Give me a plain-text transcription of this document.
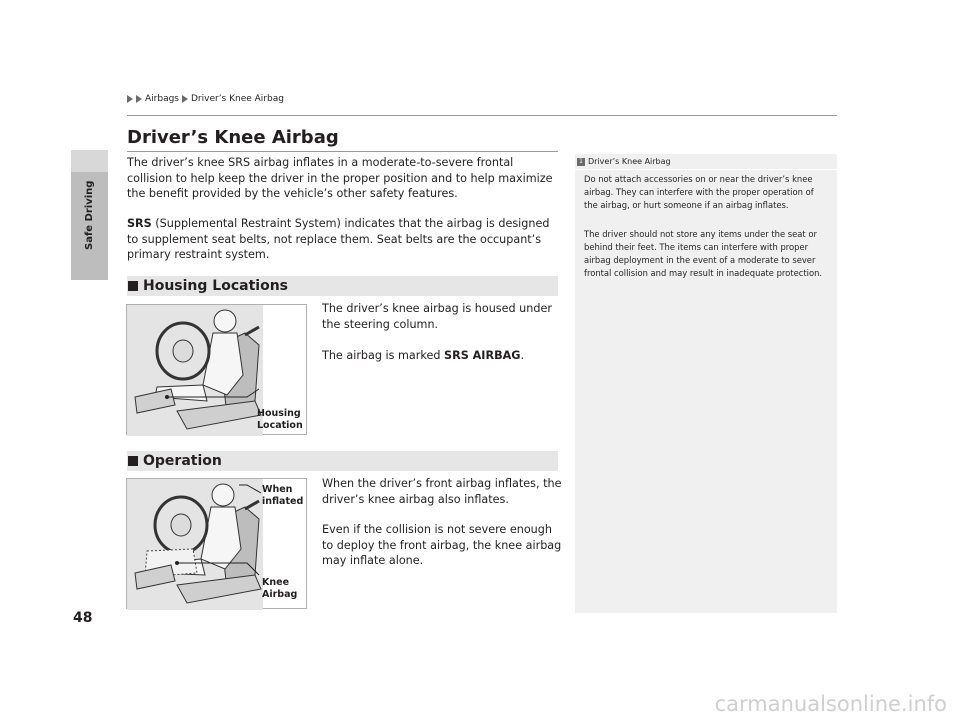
Safe Driving
48
Airbags Driver’s Knee Airbag
Driver’s Knee Airbag

The driver’s knee SRS airbag inflates in a moderate-to-severe frontal collision to help keep the driver in the proper position and to help maximize the benefit provided by the vehicle’s other safety features.

SRS (Supplemental Restraint System) indicates that the airbag is designed to supplement seat belts, not replace them. Seat belts are the occupant’s primary restraint system.

Housing Locations
Housing
Location

The driver’s knee airbag is housed under the steering column.

The airbag is marked SRS AIRBAG.

Operation
When
inflated
Knee
Airbag

When the driver’s front airbag inflates, the driver’s knee airbag also inflates.

Even if the collision is not severe enough to deploy the front airbag, the knee airbag may inflate alone.

1 Driver’s Knee Airbag

Do not attach accessories on or near the driver’s knee airbag. They can interfere with the proper operation of the airbag, or hurt someone if an airbag inflates.

The driver should not store any items under the seat or behind their feet. The items can interfere with proper airbag deployment in the event of a moderate to sever frontal collision and may result in inadequate protection.

carmanualsonline.info
